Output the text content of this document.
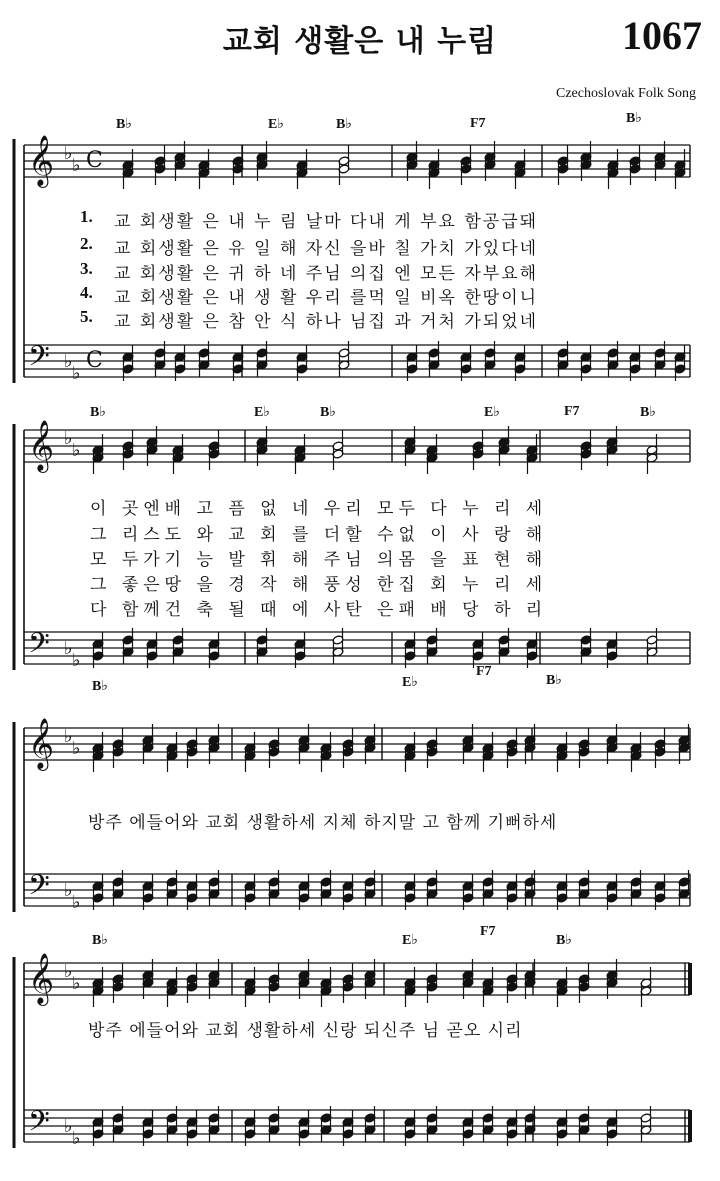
교회 생활은 내 누림	1067
Czechoslovak Folk Song
𝄞
𝄢
♭
♭
♭
♭
C
C
𝄞
𝄢
♭
♭
♭
♭
𝄞
𝄢
♭
♭
♭
♭
𝄞
𝄢
♭
♭
♭
♭
1. 교 회생활 은 내 누 림 날마 다내 게 부요 함공급돼
2. 교 회생활 은 유 일 해 자신 을바 칠 가치 가있다네
3. 교 회생활 은 귀 하 네 주님 의집 엔 모든 자부요해
4. 교 회생활 은 내 생 활 우리 를먹 일 비옥 한땅이니
5. 교 회생활 은 참 안 식 하나 님집 과 거처 가되었네
이 곳엔배 고 픔 없 네 우리 모두 다 누 리 세
그 리스도 와 교 회 를 더할 수없 이 사 랑 해
모 두가기 능 발 휘 해 주님 의몸 을 표 현 해
그 좋은땅 을 경 작 해 풍성 한집 회 누 리 세
다 함께건 축 될 때 에 사탄 은패 배 당 하 리
방주 에들어와 교회 생활하세 지체 하지말 고 함께 기뻐하세
방주 에들어와 교회 생활하세 신랑 되신주 님 곧오 시리
B♭	E♭	B♭	F7	B♭
B♭	E♭	B♭	E♭	F7	B♭
B♭	E♭
F7
B♭
B♭	E♭
F7
B♭
